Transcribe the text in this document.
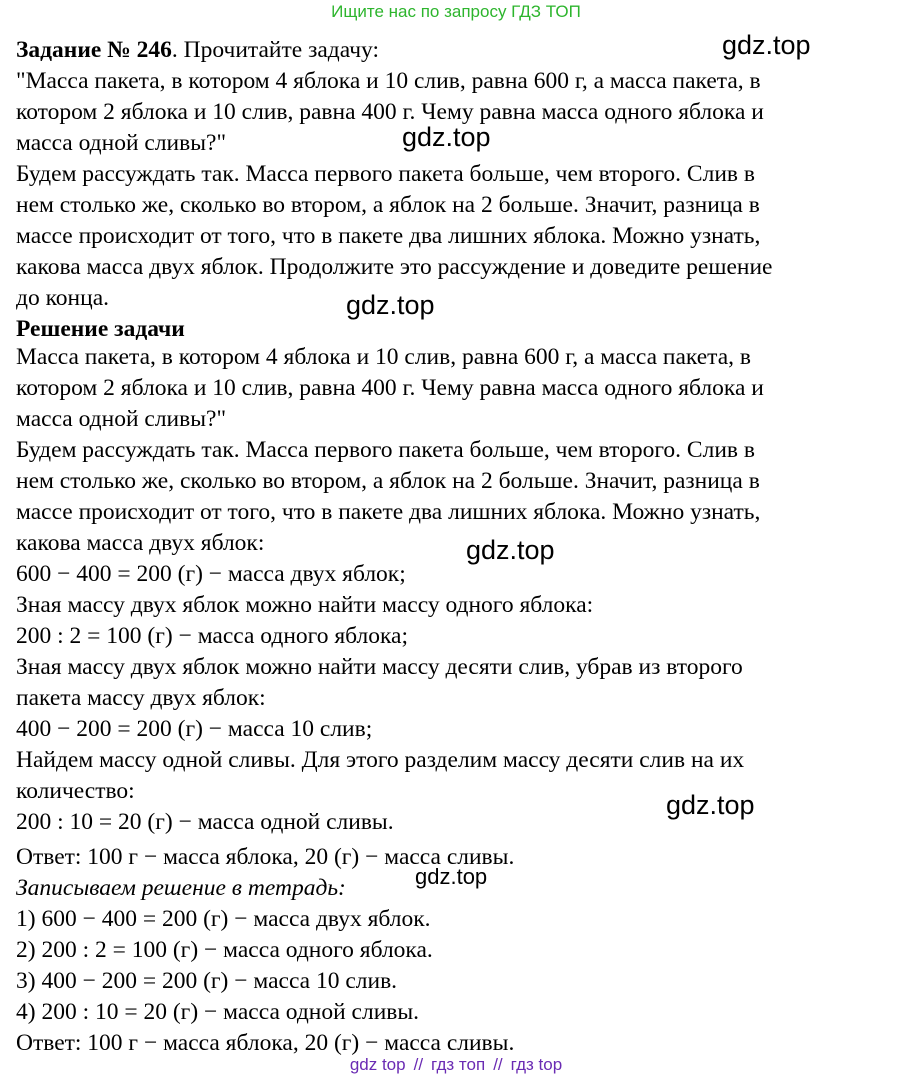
Ищите нас по запросу ГДЗ ТОП
Задание № 246. Прочитайте задачу:
"Масса пакета, в котором 4 яблока и 10 слив, равна 600 г, а масса пакета, в
котором 2 яблока и 10 слив, равна 400 г. Чему равна масса одного яблока и
масса одной сливы?"
Будем рассуждать так. Масса первого пакета больше, чем второго. Слив в
нем столько же, сколько во втором, а яблок на 2 больше. Значит, разница в
массе происходит от того, что в пакете два лишних яблока. Можно узнать,
какова масса двух яблок. Продолжите это рассуждение и доведите решение
до конца.
Решение задачи
Масса пакета, в котором 4 яблока и 10 слив, равна 600 г, а масса пакета, в
котором 2 яблока и 10 слив, равна 400 г. Чему равна масса одного яблока и
масса одной сливы?"
Будем рассуждать так. Масса первого пакета больше, чем второго. Слив в
нем столько же, сколько во втором, а яблок на 2 больше. Значит, разница в
массе происходит от того, что в пакете два лишних яблока. Можно узнать,
какова масса двух яблок:
600 − 400 = 200 (г) − масса двух яблок;
Зная массу двух яблок можно найти массу одного яблока:
200 : 2 = 100 (г) − масса одного яблока;
Зная массу двух яблок можно найти массу десяти слив, убрав из второго
пакета массу двух яблок:
400 − 200 = 200 (г) − масса 10 слив;
Найдем массу одной сливы. Для этого разделим массу десяти слив на их
количество:
200 : 10 = 20 (г) − масса одной сливы.
Ответ: 100 г − масса яблока, 20 (г) − масса сливы.
Записываем решение в тетрадь:
1) 600 − 400 = 200 (г) − масса двух яблок.
2) 200 : 2 = 100 (г) − масса одного яблока.
3) 400 − 200 = 200 (г) − масса 10 слив.
4) 200 : 10 = 20 (г) − масса одной сливы.
Ответ: 100 г − масса яблока, 20 (г) − масса сливы.
gdz.top
gdz.top
gdz.top
gdz.top
gdz.top
gdz.top
gdz top // гдз топ // гдз top
